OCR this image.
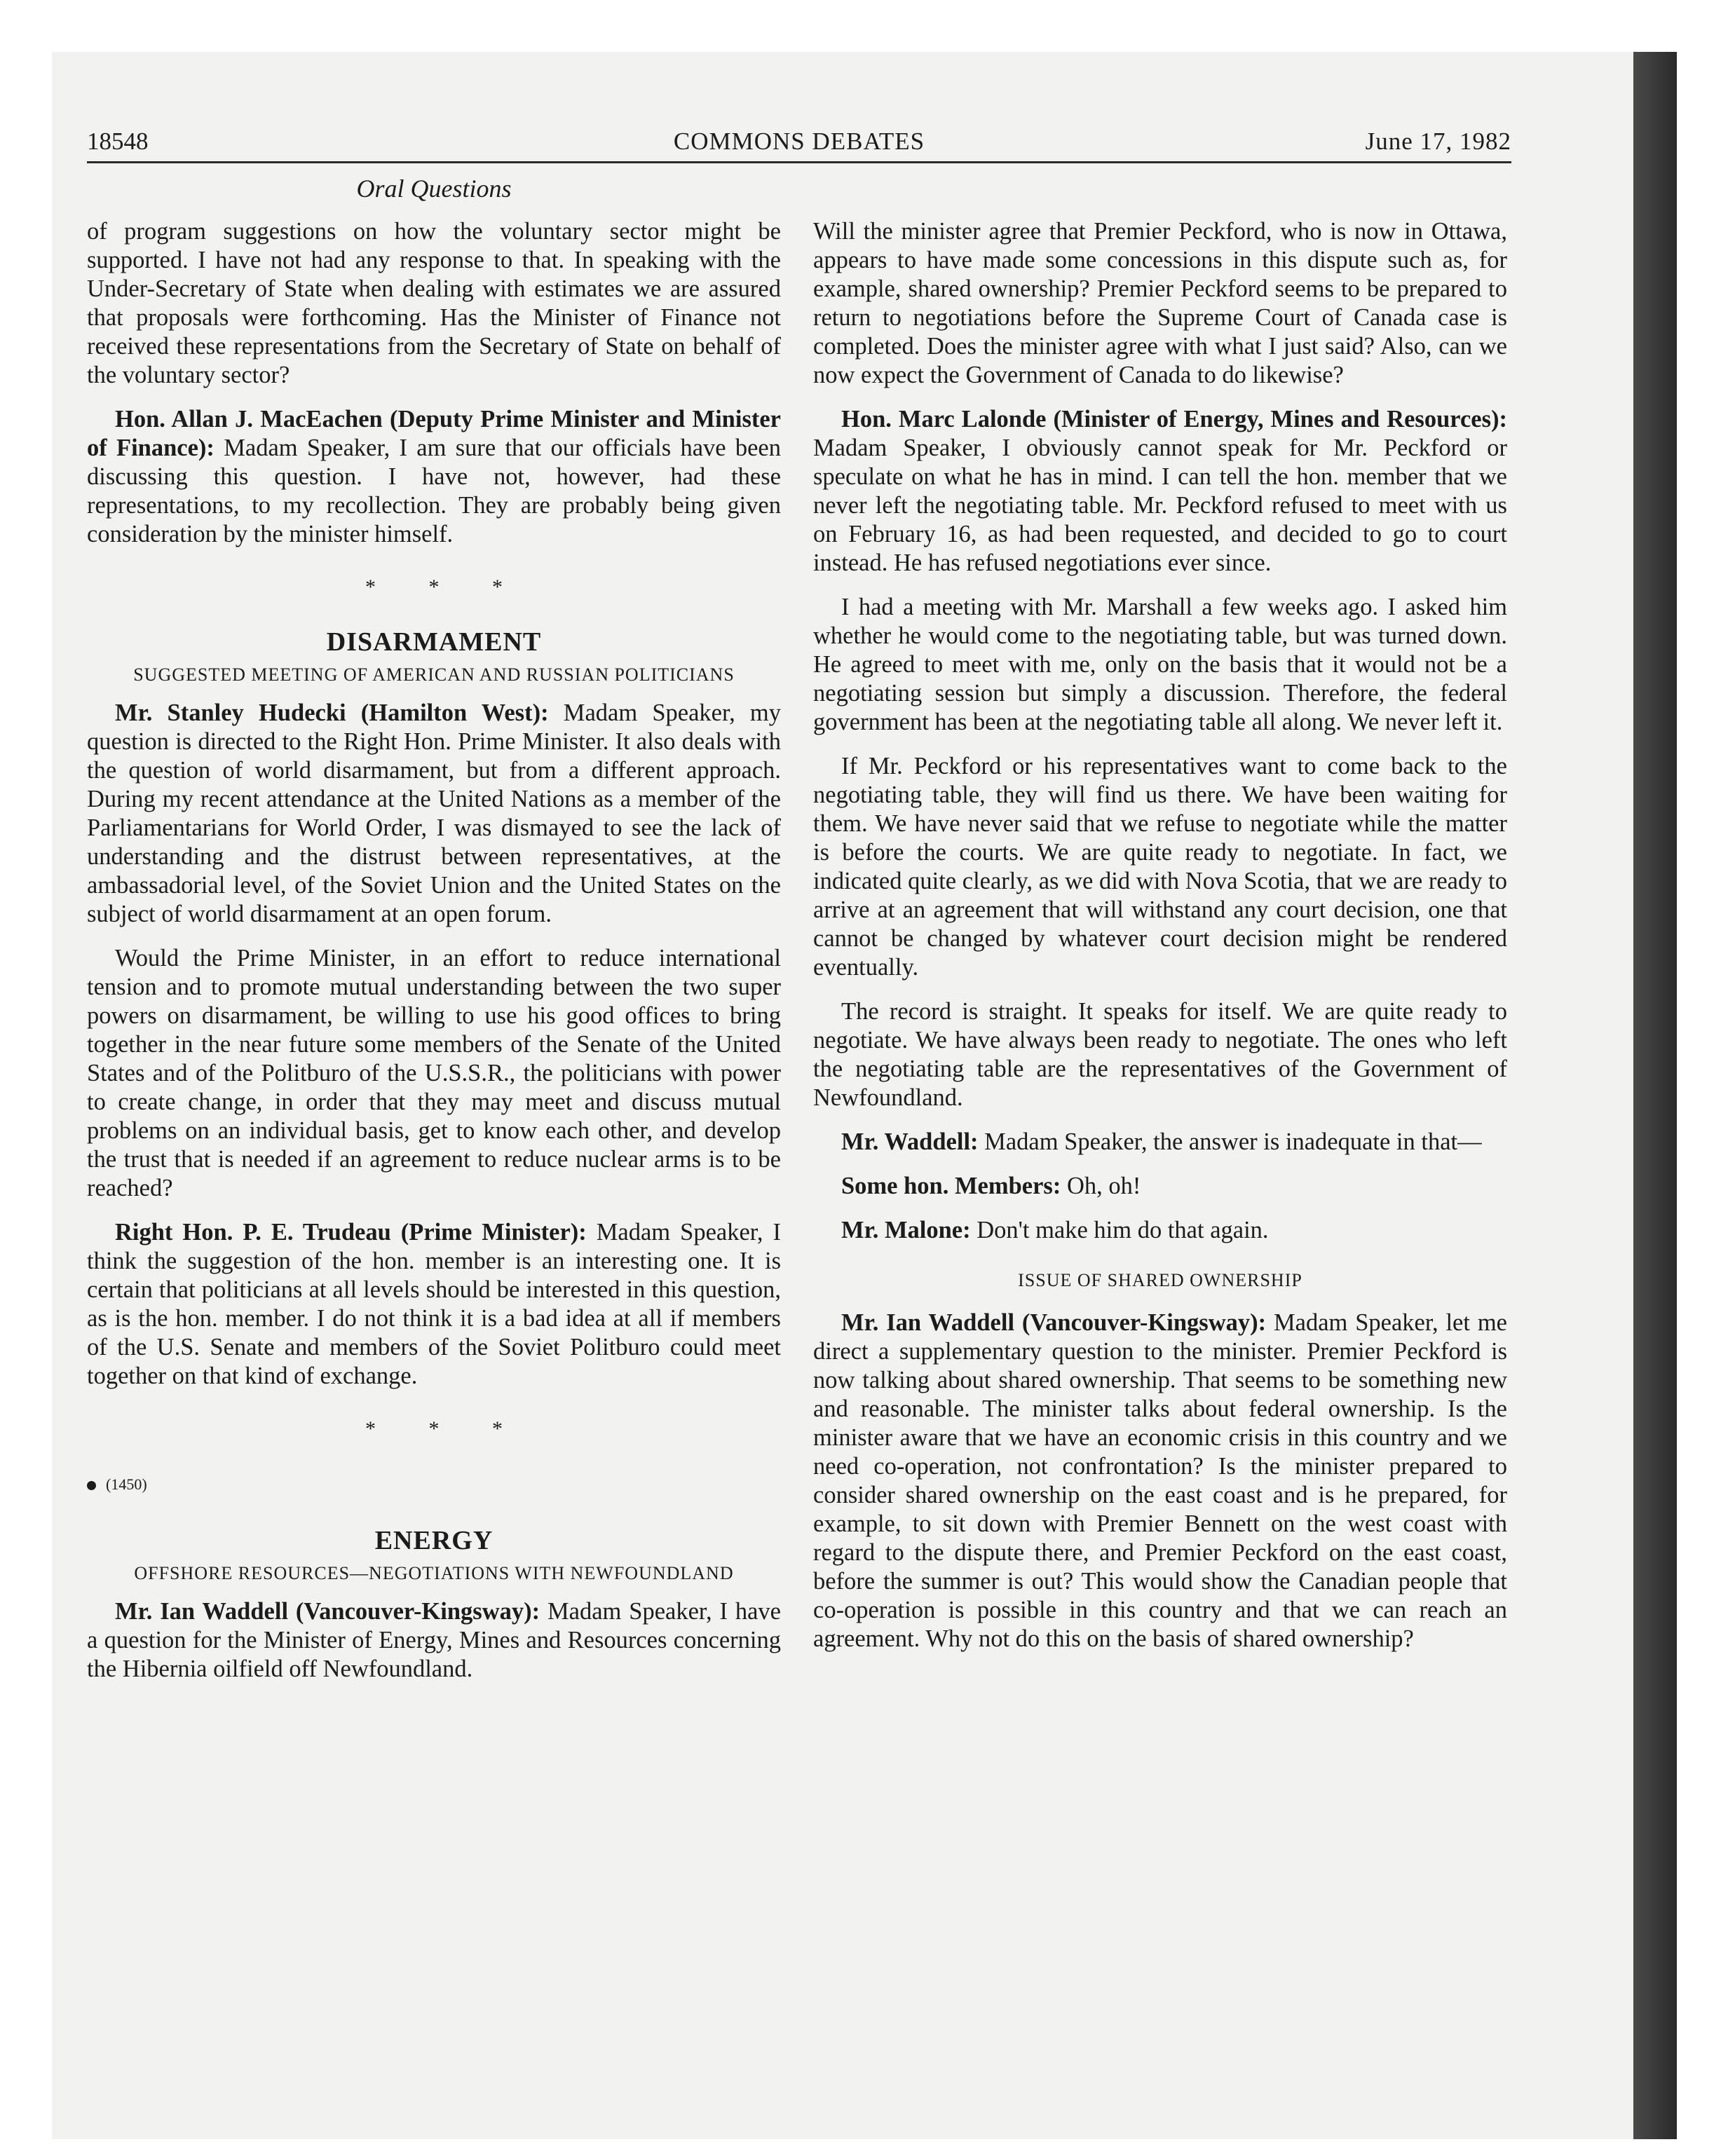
18548	COMMONS DEBATES	June 17, 1982
Oral Questions

of program suggestions on how the voluntary sector might be supported. I have not had any response to that. In speaking with the Under-Secretary of State when dealing with estimates we are assured that proposals were forthcoming. Has the Minister of Finance not received these representations from the Secretary of State on behalf of the voluntary sector?

Hon. Allan J. MacEachen (Deputy Prime Minister and Minister of Finance): Madam Speaker, I am sure that our officials have been discussing this question. I have not, however, had these representations, to my recollection. They are probably being given consideration by the minister himself.

* * *
DISARMAMENT
SUGGESTED MEETING OF AMERICAN AND RUSSIAN POLITICIANS

Mr. Stanley Hudecki (Hamilton West): Madam Speaker, my question is directed to the Right Hon. Prime Minister. It also deals with the question of world disarmament, but from a different approach. During my recent attendance at the United Nations as a member of the Parliamentarians for World Order, I was dismayed to see the lack of understanding and the distrust between representatives, at the ambassadorial level, of the Soviet Union and the United States on the subject of world disarmament at an open forum.

Would the Prime Minister, in an effort to reduce international tension and to promote mutual understanding between the two super powers on disarmament, be willing to use his good offices to bring together in the near future some members of the Senate of the United States and of the Politburo of the U.S.S.R., the politicians with power to create change, in order that they may meet and discuss mutual problems on an individual basis, get to know each other, and develop the trust that is needed if an agreement to reduce nuclear arms is to be reached?

Right Hon. P. E. Trudeau (Prime Minister): Madam Speaker, I think the suggestion of the hon. member is an interesting one. It is certain that politicians at all levels should be interested in this question, as is the hon. member. I do not think it is a bad idea at all if members of the U.S. Senate and members of the Soviet Politburo could meet together on that kind of exchange.

* * *
(1450)
ENERGY
OFFSHORE RESOURCES—NEGOTIATIONS WITH NEWFOUNDLAND

Mr. Ian Waddell (Vancouver-Kingsway): Madam Speaker, I have a question for the Minister of Energy, Mines and Resources concerning the Hibernia oilfield off Newfoundland.

Will the minister agree that Premier Peckford, who is now in Ottawa, appears to have made some concessions in this dispute such as, for example, shared ownership? Premier Peckford seems to be prepared to return to negotiations before the Supreme Court of Canada case is completed. Does the minister agree with what I just said? Also, can we now expect the Government of Canada to do likewise?

Hon. Marc Lalonde (Minister of Energy, Mines and Resources): Madam Speaker, I obviously cannot speak for Mr. Peckford or speculate on what he has in mind. I can tell the hon. member that we never left the negotiating table. Mr. Peckford refused to meet with us on February 16, as had been requested, and decided to go to court instead. He has refused negotiations ever since.

I had a meeting with Mr. Marshall a few weeks ago. I asked him whether he would come to the negotiating table, but was turned down. He agreed to meet with me, only on the basis that it would not be a negotiating session but simply a discussion. Therefore, the federal government has been at the negotiating table all along. We never left it.

If Mr. Peckford or his representatives want to come back to the negotiating table, they will find us there. We have been waiting for them. We have never said that we refuse to negotiate while the matter is before the courts. We are quite ready to negotiate. In fact, we indicated quite clearly, as we did with Nova Scotia, that we are ready to arrive at an agreement that will withstand any court decision, one that cannot be changed by whatever court decision might be rendered eventually.

The record is straight. It speaks for itself. We are quite ready to negotiate. We have always been ready to negotiate. The ones who left the negotiating table are the representatives of the Government of Newfoundland.

Mr. Waddell: Madam Speaker, the answer is inadequate in that—

Some hon. Members: Oh, oh!

Mr. Malone: Don't make him do that again.

ISSUE OF SHARED OWNERSHIP

Mr. Ian Waddell (Vancouver-Kingsway): Madam Speaker, let me direct a supplementary question to the minister. Premier Peckford is now talking about shared ownership. That seems to be something new and reasonable. The minister talks about federal ownership. Is the minister aware that we have an economic crisis in this country and we need co-operation, not confrontation? Is the minister prepared to consider shared ownership on the east coast and is he prepared, for example, to sit down with Premier Bennett on the west coast with regard to the dispute there, and Premier Peckford on the east coast, before the summer is out? This would show the Canadian people that co-operation is possible in this country and that we can reach an agreement. Why not do this on the basis of shared ownership?
